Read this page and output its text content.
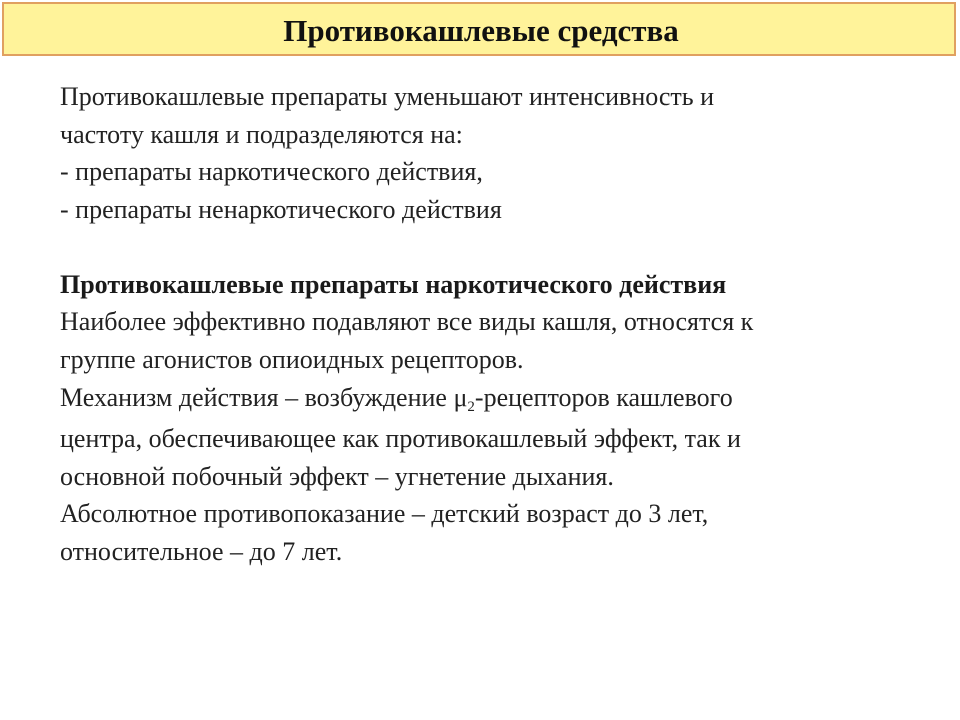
Противокашлевые средства
Противокашлевые препараты уменьшают интенсивность и
частоту кашля и подразделяются на:
- препараты наркотического действия,
- препараты ненаркотического действия
Противокашлевые препараты наркотического действия
Наиболее эффективно подавляют все виды кашля, относятся к
группе агонистов опиоидных рецепторов.
Механизм действия – возбуждение $\mu_2$-рецепторов кашлевого
центра, обеспечивающее как противокашлевый эффект, так и
основной побочный эффект – угнетение дыхания.
Абсолютное противопоказание – детский возраст до 3 лет,
относительное – до 7 лет.
